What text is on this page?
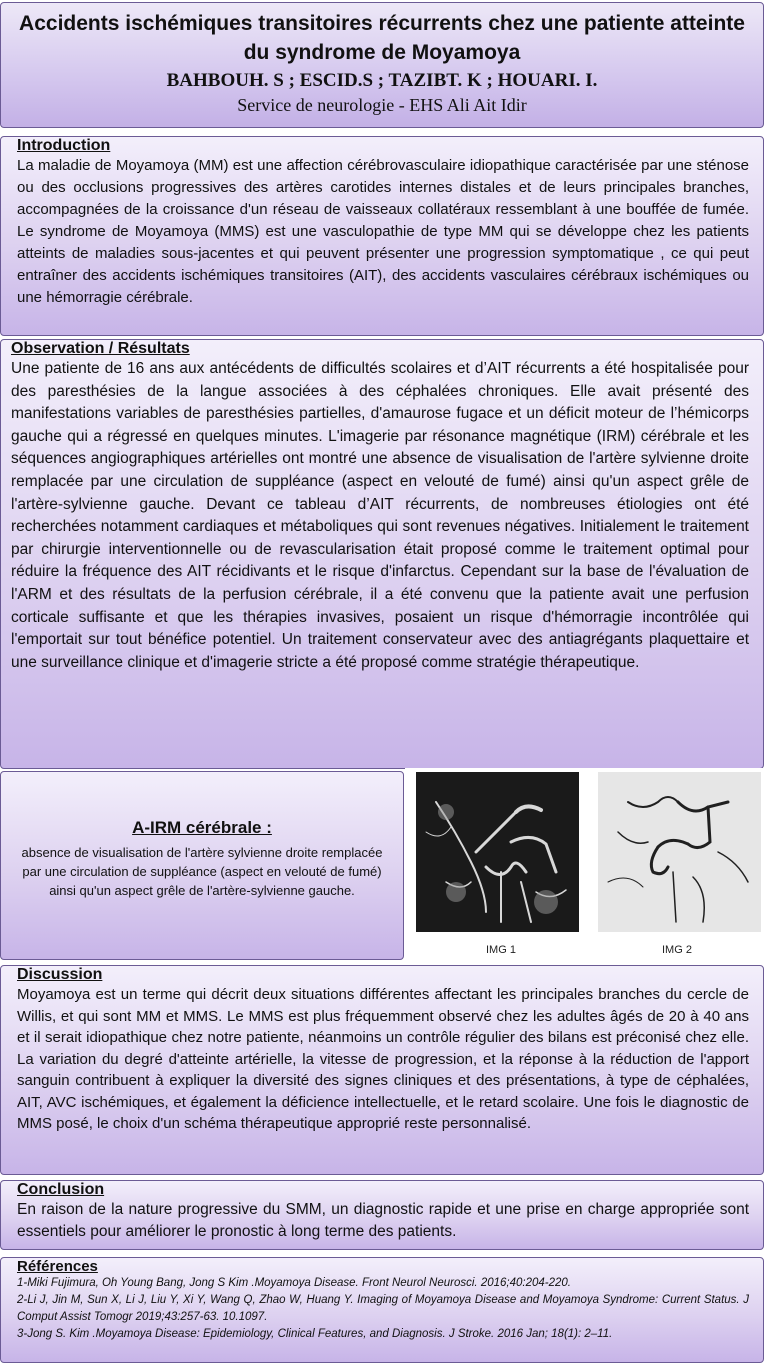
Accidents ischémiques transitoires récurrents chez une patiente atteinte du syndrome de Moyamoya
BAHBOUH. S ; ESCID.S ; TAZIBT. K ; HOUARI. I.
Service de neurologie - EHS Ali Ait Idir
Introduction
La maladie de Moyamoya (MM) est une affection cérébrovasculaire idiopathique caractérisée par une sténose ou des occlusions progressives des artères carotides internes distales et de leurs principales branches, accompagnées de la croissance d'un réseau de vaisseaux collatéraux ressemblant à une bouffée de fumée. Le syndrome de Moyamoya (MMS) est une vasculopathie de type MM qui se développe chez les patients atteints de maladies sous-jacentes et qui peuvent présenter une progression symptomatique , ce qui peut entraîner des accidents ischémiques transitoires (AIT), des accidents vasculaires cérébraux ischémiques ou une hémorragie cérébrale.
Observation / Résultats
Une patiente de 16 ans aux antécédents de difficultés scolaires et d’AIT récurrents a été hospitalisée pour des paresthésies de la langue associées à des céphalées chroniques. Elle avait présenté des manifestations variables de paresthésies partielles, d'amaurose fugace et un déficit moteur de l’hémicorps gauche qui a régressé en quelques minutes. L'imagerie par résonance magnétique (IRM) cérébrale et les séquences angiographiques artérielles ont montré une absence de visualisation de l'artère sylvienne droite remplacée par une circulation de suppléance (aspect en velouté de fumé) ainsi qu'un aspect grêle de l'artère-sylvienne gauche. Devant ce tableau d’AIT récurrents, de nombreuses étiologies ont été recherchées notamment cardiaques et métaboliques qui sont revenues négatives. Initialement le traitement par chirurgie interventionnelle ou de revascularisation était proposé comme le traitement optimal pour réduire la fréquence des AIT récidivants et le risque d'infarctus. Cependant sur la base de l'évaluation de l'ARM et des résultats de la perfusion cérébrale, il a été convenu que la patiente avait une perfusion corticale suffisante et que les thérapies invasives, posaient un risque d'hémorragie incontrôlée qui l'emportait sur tout bénéfice potentiel. Un traitement conservateur avec des antiagrégants plaquettaire et une surveillance clinique et d'imagerie stricte a été proposé comme stratégie thérapeutique.
A-IRM cérébrale :
absence de visualisation de l'artère sylvienne droite remplacée par une circulation de suppléance (aspect en velouté de fumé) ainsi qu'un aspect grêle de l'artère-sylvienne gauche.
IMG 1	IMG 2
Discussion
Moyamoya est un terme qui décrit deux situations différentes affectant les principales branches du cercle de Willis, et qui sont MM et MMS. Le MMS est plus fréquemment observé chez les adultes âgés de 20 à 40 ans et il serait idiopathique chez notre patiente, néanmoins un contrôle régulier des bilans est préconisé chez elle. La variation du degré d'atteinte artérielle, la vitesse de progression, et la réponse à la réduction de l'apport sanguin contribuent à expliquer la diversité des signes cliniques et des présentations, à type de céphalées, AIT, AVC ischémiques, et également la déficience intellectuelle, et le retard scolaire. Une fois le diagnostic de MMS posé, le choix d'un schéma thérapeutique approprié reste personnalisé.
Conclusion
En raison de la nature progressive du SMM, un diagnostic rapide et une prise en charge appropriée sont essentiels pour améliorer le pronostic à long terme des patients.
Références
1-Miki Fujimura, Oh Young Bang, Jong S Kim .Moyamoya Disease. Front Neurol Neurosci. 2016;40:204-220.
2-Li J, Jin M, Sun X, Li J, Liu Y, Xi Y, Wang Q, Zhao W, Huang Y. Imaging of Moyamoya Disease and Moyamoya Syndrome: Current Status. J Comput Assist Tomogr 2019;43:257-63. 10.1097.
3-Jong S. Kim .Moyamoya Disease: Epidemiology, Clinical Features, and Diagnosis. J Stroke. 2016 Jan; 18(1): 2–11.
